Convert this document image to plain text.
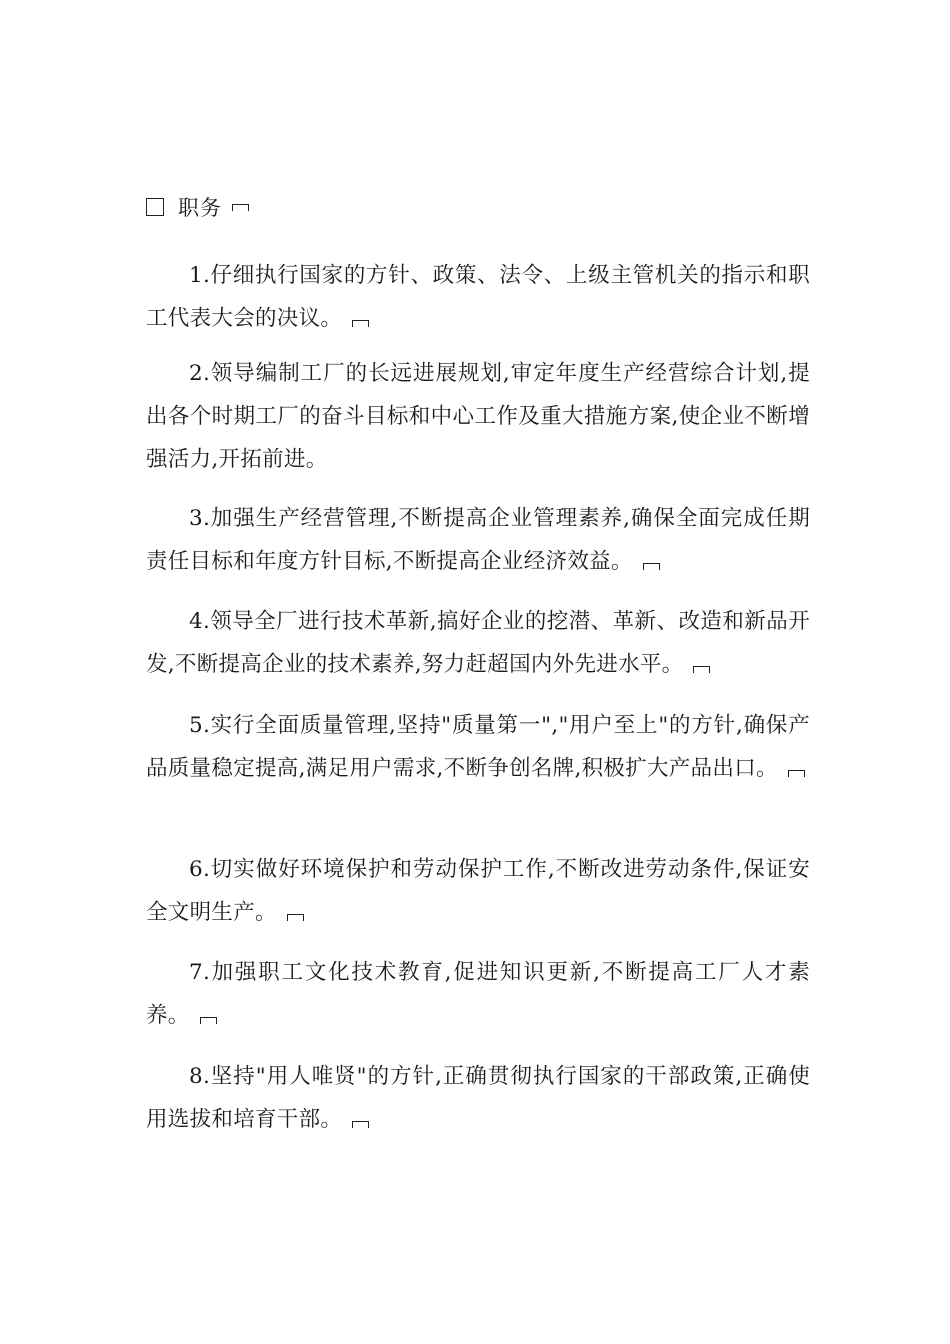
职务

1.仔细执行国家的方针、政策、法令、上级主管机关的指示和职工代表大会的决议。

2.领导编制工厂的长远进展规划,审定年度生产经营综合计划,提出各个时期工厂的奋斗目标和中心工作及重大措施方案,使企业不断增强活力,开拓前进。

3.加强生产经营管理,不断提高企业管理素养,确保全面完成任期责任目标和年度方针目标,不断提高企业经济效益。

4.领导全厂进行技术革新,搞好企业的挖潜、革新、改造和新品开发,不断提高企业的技术素养,努力赶超国内外先进水平。

5.实行全面质量管理,坚持"质量第一","用户至上"的方针,确保产品质量稳定提高,满足用户需求,不断争创名牌,积极扩大产品出口。

6.切实做好环境保护和劳动保护工作,不断改进劳动条件,保证安全文明生产。

7.加强职工文化技术教育,促进知识更新,不断提高工厂人才素养。

8.坚持"用人唯贤"的方针,正确贯彻执行国家的干部政策,正确使用选拔和培育干部。
